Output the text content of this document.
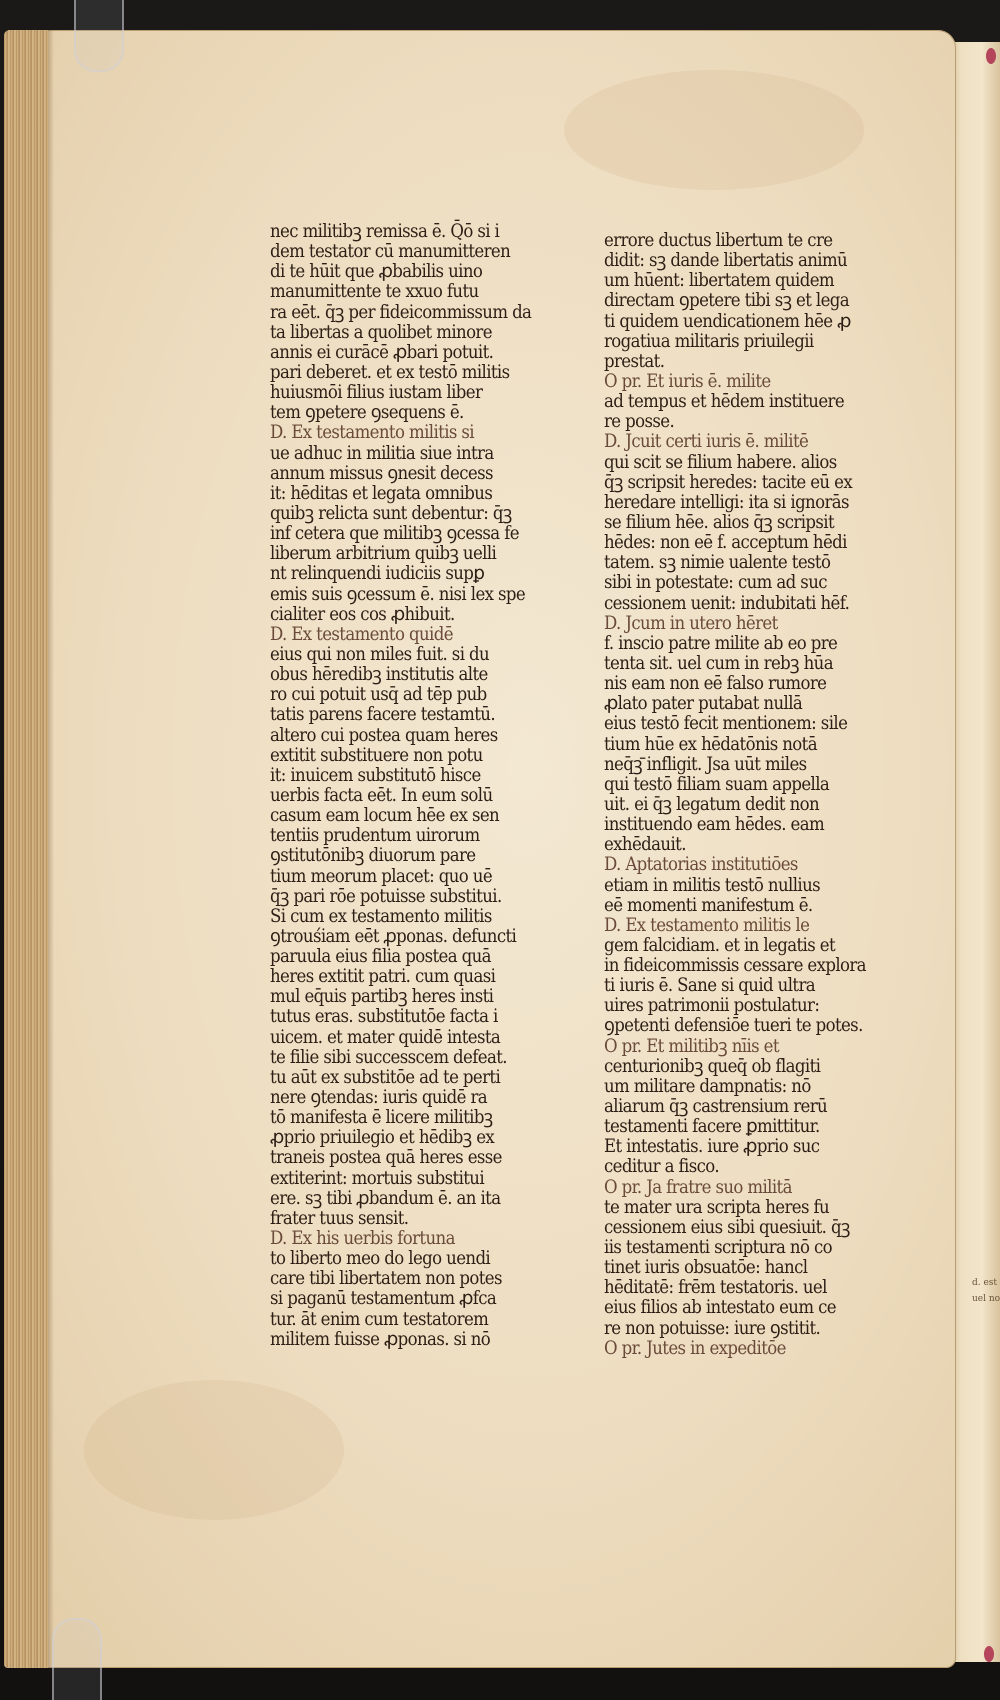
d. est
uel no
nec militibꝫ remissa ē. Q̄ō si i
dem testator cū manumitteren
di te hūit que ꝓbabilis uino
manumittente te xxuo futu
ra eēt. q̄ꝫ per fideicommissum da
ta libertas a quolibet minore
annis ei curācē ꝓbari potuit.
pari deberet. et ex testō militis
huiusmōi filius iustam liber
tem ꝯpetere ꝯsequens ē.
D. Ex testamento militis si
ue adhuc in militia siue intra
annum missus ꝯnesit decess
it: hēditas et legata omnibus
quibꝫ relicta sunt debentur: q̄ꝫ
inf cetera que militibꝫ ꝯcessa fe
liberum arbitrium quibꝫ uelli
nt relinquendi iudiciis supꝑ
emis suis ꝯcessum ē. nisi lex spe
cialiter eos cos ꝓhibuit.
D. Ex testamento quidē
eius qui non miles fuit. si du
obus hēredibꝫ institutis alte
ro cui potuit usq̄ ad tēp pub
tatis parens facere testamtū.
altero cui postea quam heres
extitit substituere non potu
it: inuicem substitutō hisce
uerbis facta eēt. In eum solū
casum eam locum hēe ex sen
tentiis prudentum uirorum
ꝯstitutōnibꝫ diuorum pare
tium meorum placet: quo uē
q̄ꝫ pari rōe potuisse substitui.
Si cum ex testamento militis
ꝯtrouśiam eēt ꝓponas. defuncti
paruula eius filia postea quā
heres extitit patri. cum quasi
mul eq̄uis partibꝫ heres insti
tutus eras. substitutōe facta i
uicem. et mater quidē intesta
te filie sibi successcem defeat.
tu aūt ex substitōe ad te perti
nere ꝯtendas: iuris quidē ra
tō manifesta ē licere militibꝫ
ꝓprio priuilegio et hēdibꝫ ex
traneis postea quā heres esse
extiterint: mortuis substitui
ere. sꝫ tibi ꝓbandum ē. an ita
frater tuus sensit.
D. Ex his uerbis fortuna
to liberto meo do lego uendi
care tibi libertatem non potes
si paganū testamentum ꝓfca
tur. āt enim cum testatorem
militem fuisse ꝓponas. si nō
errore ductus libertum te cre
didit: sꝫ dande libertatis animū
um hūent: libertatem quidem
directam ꝯpetere tibi sꝫ et lega
ti quidem uendicationem hēe ꝓ
rogatiua militaris priuilegii
prestat.
O pr. Et iuris ē. milite
ad tempus et hēdem instituere
re posse.
D. Jcuit certi iuris ē. militē
qui scit se filium habere. alios
q̄ꝫ scripsit heredes: tacite eū ex
heredare intelligi: ita si ignorās
se filium hēe. alios q̄ꝫ scripsit
hēdes: non eē f. acceptum hēdi
tatem. sꝫ nimie ualente testō
sibi in potestate: cum ad suc
cessionem uenit: indubitati hēf.
D. Jcum in utero hēret
f. inscio patre milite ab eo pre
tenta sit. uel cum in rebꝫ hūa
nis eam non eē falso rumore
ꝓlato pater putabat nullā
eius testō fecit mentionem: sile
tium hūe ex hēdatōnis notā
neq̄ꝫ̄ infligit. Jsa uūt miles
qui testō filiam suam appella
uit. ei q̄ꝫ legatum dedit non
instituendo eam hēdes. eam
exhēdauit.
D. Aptatorias institutiōes
etiam in militis testō nullius
eē momenti manifestum ē.
D. Ex testamento militis le
gem falcidiam. et in legatis et
in fideicommissis cessare explora
ti iuris ē. Sane si quid ultra
uires patrimonii postulatur:
ꝯpetenti defensiōe tueri te potes.
O pr. Et militibꝫ nīis et
centurionibꝫ queq̄ ob flagiti
um militare dampnatis: nō
aliarum q̄ꝫ castrensium rerū
testamenti facere ꝑmittitur.
Et intestatis. iure ꝓprio suc
ceditur a fisco.
O pr. Ja fratre suo militā
te mater ura scripta heres fu
cessionem eius sibi quesiuit. q̄ꝫ
iis testamenti scriptura nō co
tinet iuris obsuatōe: hancl
hēditatē: frēm testatoris. uel
eius filios ab intestato eum ce
re non potuisse: iure ꝯstitit.
O pr. Jutes in expeditōe
